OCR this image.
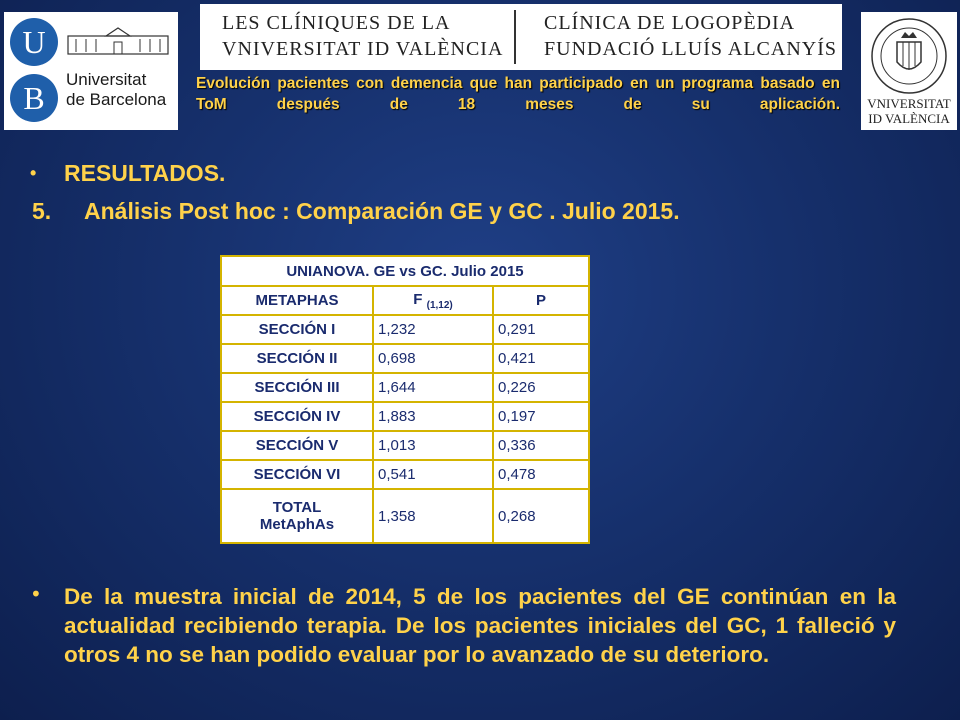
U
B	Universitat
de Barcelona
LES CLÍNIQUES DE LA
VNIVERSITAT ID VALÈNCIA
CLÍNICA DE LOGOPÈDIA
FUNDACIÓ LLUÍS ALCANYÍS
VNIVERSITAT
ID VALÈNCIA
Evolución pacientes con demencia que han participado en un programa basado en ToM después de 18 meses de su aplicación.
• RESULTADOS.
5. Análisis Post hoc : Comparación GE y GC . Julio 2015.
UNIANOVA. GE vs GC. Julio 2015		
METAPHAS	F $_{(1,12)}$	P
SECCIÓN I	1,232	0,291
SECCIÓN II	0,698	0,421
SECCIÓN III	1,644	0,226
SECCIÓN IV	1,883	0,197
SECCIÓN V	1,013	0,336
SECCIÓN VI	0,541	0,478

TOTAL
MetAphAs	1,358	0,268
• De la muestra inicial de 2014, 5 de los pacientes del GE continúan en la actualidad recibiendo terapia. De los pacientes iniciales del GC, 1 falleció y otros 4 no se han podido evaluar por lo avanzado de su deterioro.
